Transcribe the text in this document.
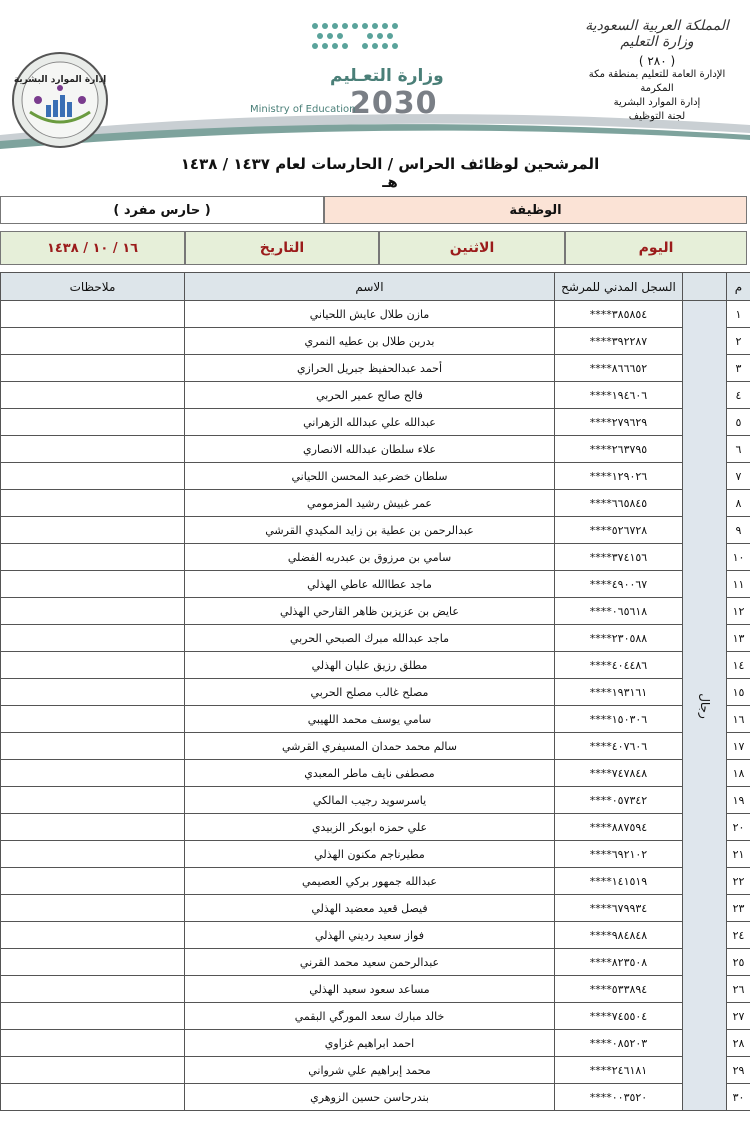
المملكة العربية السعودية
وزارة التعليم
( ٢٨٠ )
الإدارة العامة للتعليم بمنطقة مكة المكرمة
إدارة الموارد البشرية
لجنة التوظيف
وزارة التعـليم
2030
Ministry of Education
إدارة الموارد البشرية
المرشحين لوظائف الحراس / الحارسات لعام ١٤٣٧ / ١٤٣٨ هـ
الوظيفة
( حارس مفرد )
اليوم
الاثنين
التاريخ
١٦ / ١٠ / ١٤٣٨
م		السجل المدني للمرشح	الاسم	ملاحظات
١	رجال	****٣٨٥٨٥٤	مازن طلال عايش اللحياني	
٢		****٣٩٢٢٨٧	بدربن طلال بن عطيه النمري	
٣		****٨٦٦٦٥٢	أحمد عبدالحفيظ جبريل الحرازي	
٤		****١٩٤٦٠٦	فالح صالح عمير الحربي	
٥		****٢٧٩٦٢٩	عبدالله علي عبدالله الزهراني	
٦		****٢٦٣٧٩٥	علاء سلطان عبدالله الانصاري	
٧		****١٢٩٠٢٦	سلطان خضرعبد المحسن اللحياني	
٨		****٦٦٥٨٤٥	عمر غبيش رشيد المزمومي	
٩		****٥٢٦٧٢٨	عبدالرحمن بن عطية بن زايد المكيدي القرشي	
١٠		****٣٧٤١٥٦	سامي بن مرزوق بن عبدربه الفضلي	
١١		****٤٩٠٠٦٧	ماجد عطاالله عاطي الهذلي	
١٢		****٠٦٥٦١٨	عايض بن عزيزبن ظاهر القارحي الهذلي	
١٣		****٢٣٠٥٨٨	ماجد عبدالله مبرك الصبحي الحربي	
١٤		****٤٠٤٤٨٦	مطلق رزيق عليان الهذلي	
١٥		****١٩٣١٦١	مصلح غالب مصلح الحربي	
١٦		****١٥٠٣٠٦	سامي يوسف محمد اللهيبي	
١٧		****٤٠٧٦٠٦	سالم محمد حمدان المسيفري القرشي	
١٨		****٧٤٧٨٤٨	مصطفى نايف ماطر المعبدي	
١٩		****٠٥٧٣٤٢	ياسرسويد رجيب المالكي	
٢٠		****٨٨٧٥٩٤	علي حمزه ابوبكر الزبيدي	
٢١		****٦٩٢١٠٢	مطيرناجم مكنون الهذلي	
٢٢		****١٤١٥١٩	عبدالله جمهور بركي العصيمي	
٢٣		****٦٧٩٩٣٤	فيصل قعيد معضيد الهذلي	
٢٤		****٩٨٤٨٤٨	فواز سعيد رديني الهذلي	
٢٥		****٨٢٣٥٠٨	عبدالرحمن سعيد محمد القرني	
٢٦		****٥٣٣٨٩٤	مساعد سعود سعيد الهذلي	
٢٧		****٧٤٥٥٠٤	خالد مبارك سعد المورگي البقمي	
٢٨		****٠٨٥٢٠٣	احمد ابراهيم غزاوي	
٢٩		****٢٤٦١٨١	محمد إبراهيم علي شرواني	
٣٠		****٠٠٣٥٢٠	بندرحاسن حسين الزوهري	
